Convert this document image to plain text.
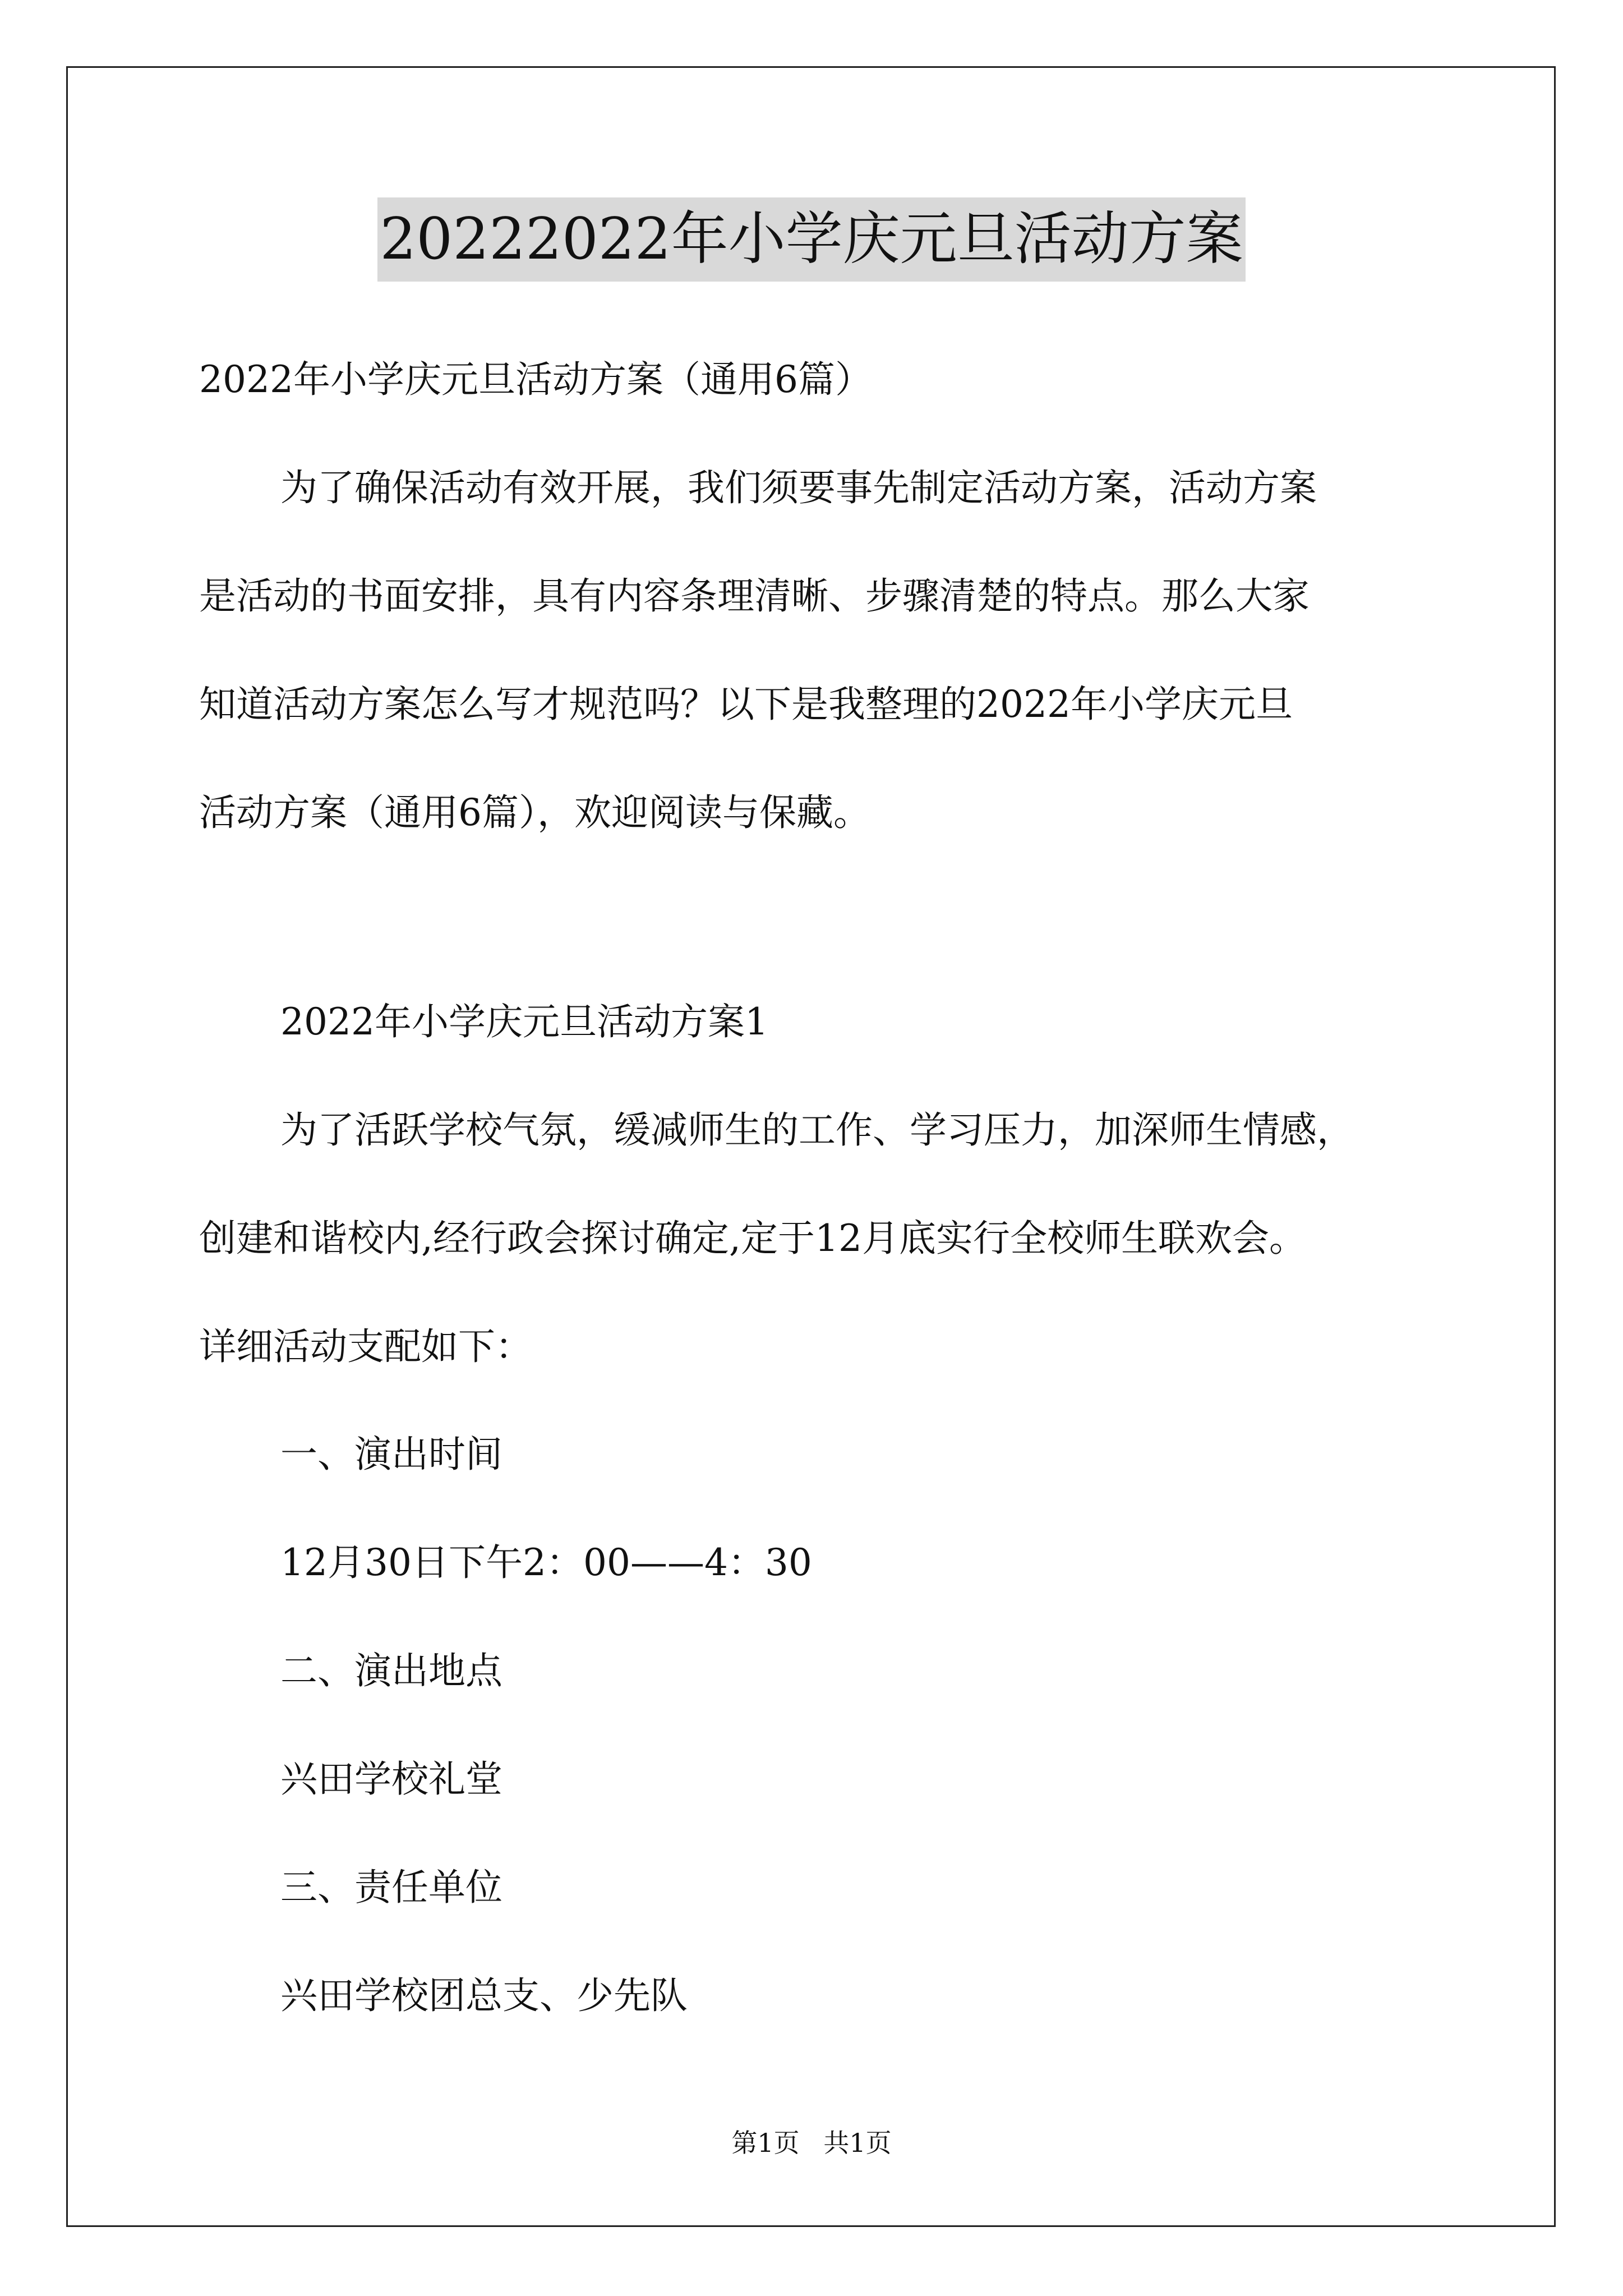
20222022年小学庆元旦活动方案
2022年小学庆元旦活动方案（通用6篇）
为了确保活动有效开展，我们须要事先制定活动方案，活动方案
是活动的书面安排，具有内容条理清晰、步骤清楚的特点。那么大家
知道活动方案怎么写才规范吗？以下是我整理的2022年小学庆元旦
活动方案（通用6篇），欢迎阅读与保藏。
2022年小学庆元旦活动方案1
为了活跃学校气氛，缓减师生的工作、学习压力，加深师生情感，
创建和谐校内,经行政会探讨确定,定于12月底实行全校师生联欢会。
详细活动支配如下：
一、演出时间
12月30日下午2：00——4：30
二、演出地点
兴田学校礼堂
三、责任单位
兴田学校团总支、少先队
第1页 共1页
